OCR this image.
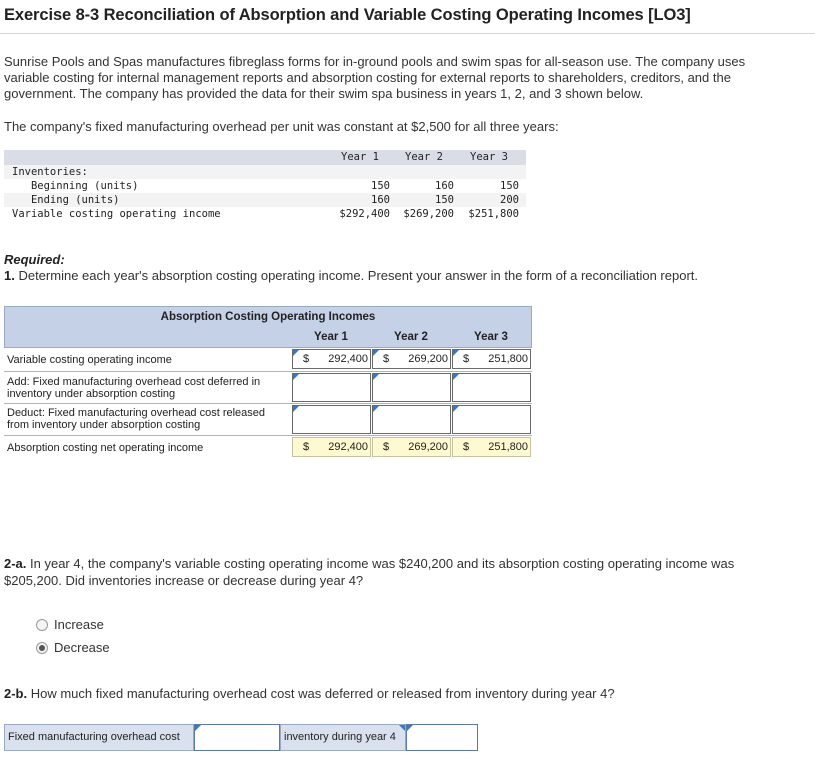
Exercise 8-3 Reconciliation of Absorption and Variable Costing Operating Incomes [LO3]
Sunrise Pools and Spas manufactures fibreglass forms for in-ground pools and swim spas for all-season use. The company uses
variable costing for internal management reports and absorption costing for external reports to shareholders, creditors, and the
government. The company has provided the data for their swim spa business in years 1, 2, and 3 shown below.
The company's fixed manufacturing overhead per unit was constant at $2,500 for all three years:
Year 1	Year 2	Year 3
Inventories:
Beginning (units)	150	160	150
Ending (units)	160	150	200
Variable costing operating income	$292,400	$269,200	$251,800
Required:
1. Determine each year's absorption costing operating income. Present your answer in the form of a reconciliation report.
Absorption Costing Operating Incomes
Year 1	Year 2	Year 3
Variable costing operating income	$ 292,400 $ 269,200 $ 251,800
Add: Fixed manufacturing overhead cost deferred in
inventory under absorption costing
Deduct: Fixed manufacturing overhead cost released
from inventory under absorption costing
Absorption costing net operating income	$ 292,400 $ 269,200 $ 251,800
2-a. In year 4, the company's variable costing operating income was $240,200 and its absorption costing operating income was
$205,200. Did inventories increase or decrease during year 4?
Increase
Decrease
2-b. How much fixed manufacturing overhead cost was deferred or released from inventory during year 4?
Fixed manufacturing overhead cost	inventory during year 4
